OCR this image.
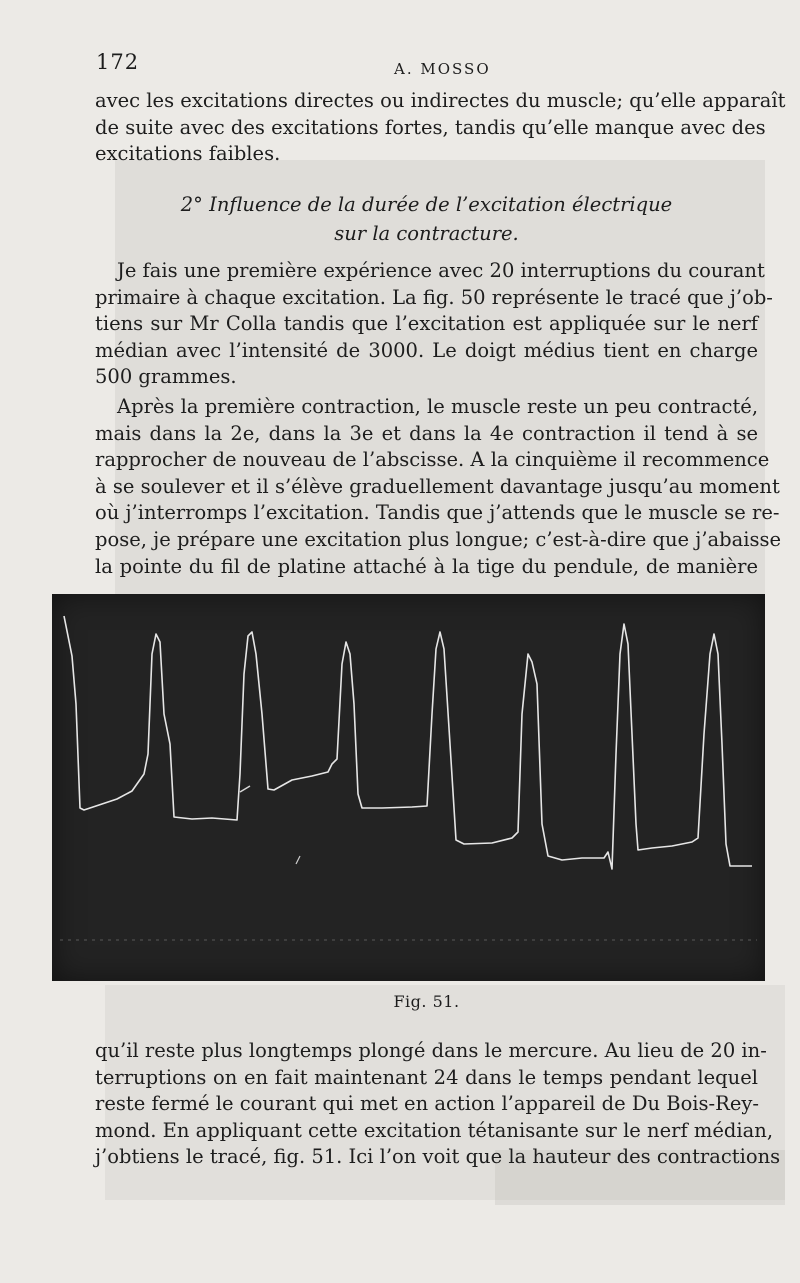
172	A. MOSSO
avec les excitations directes ou indirectes du muscle; qu’elle apparaît
de suite avec des excitations fortes, tandis qu’elle manque avec des
excitations faibles.
2° Influence de la durée de l’excitation électrique
sur la contracture.
Je fais une première expérience avec 20 interruptions du courant
primaire à chaque excitation. La fig. 50 représente le tracé que j’ob-
tiens sur Mr Colla tandis que l’excitation est appliquée sur le nerf
médian avec l’intensité de 3000. Le doigt médius tient en charge
500 grammes.
Après la première contraction, le muscle reste un peu contracté,
mais dans la 2e, dans la 3e et dans la 4e contraction il tend à se
rapprocher de nouveau de l’abscisse. A la cinquième il recommence
à se soulever et il s’élève graduellement davantage jusqu’au moment
où j’interromps l’excitation. Tandis que j’attends que le muscle se re-
pose, je prépare une excitation plus longue; c’est-à-dire que j’abaisse
la pointe du fil de platine attaché à la tige du pendule, de manière
Fig. 51.
qu’il reste plus longtemps plongé dans le mercure. Au lieu de 20 in-
terruptions on en fait maintenant 24 dans le temps pendant lequel
reste fermé le courant qui met en action l’appareil de Du Bois-Rey-
mond. En appliquant cette excitation tétanisante sur le nerf médian,
j’obtiens le tracé, fig. 51. Ici l’on voit que la hauteur des contractions
